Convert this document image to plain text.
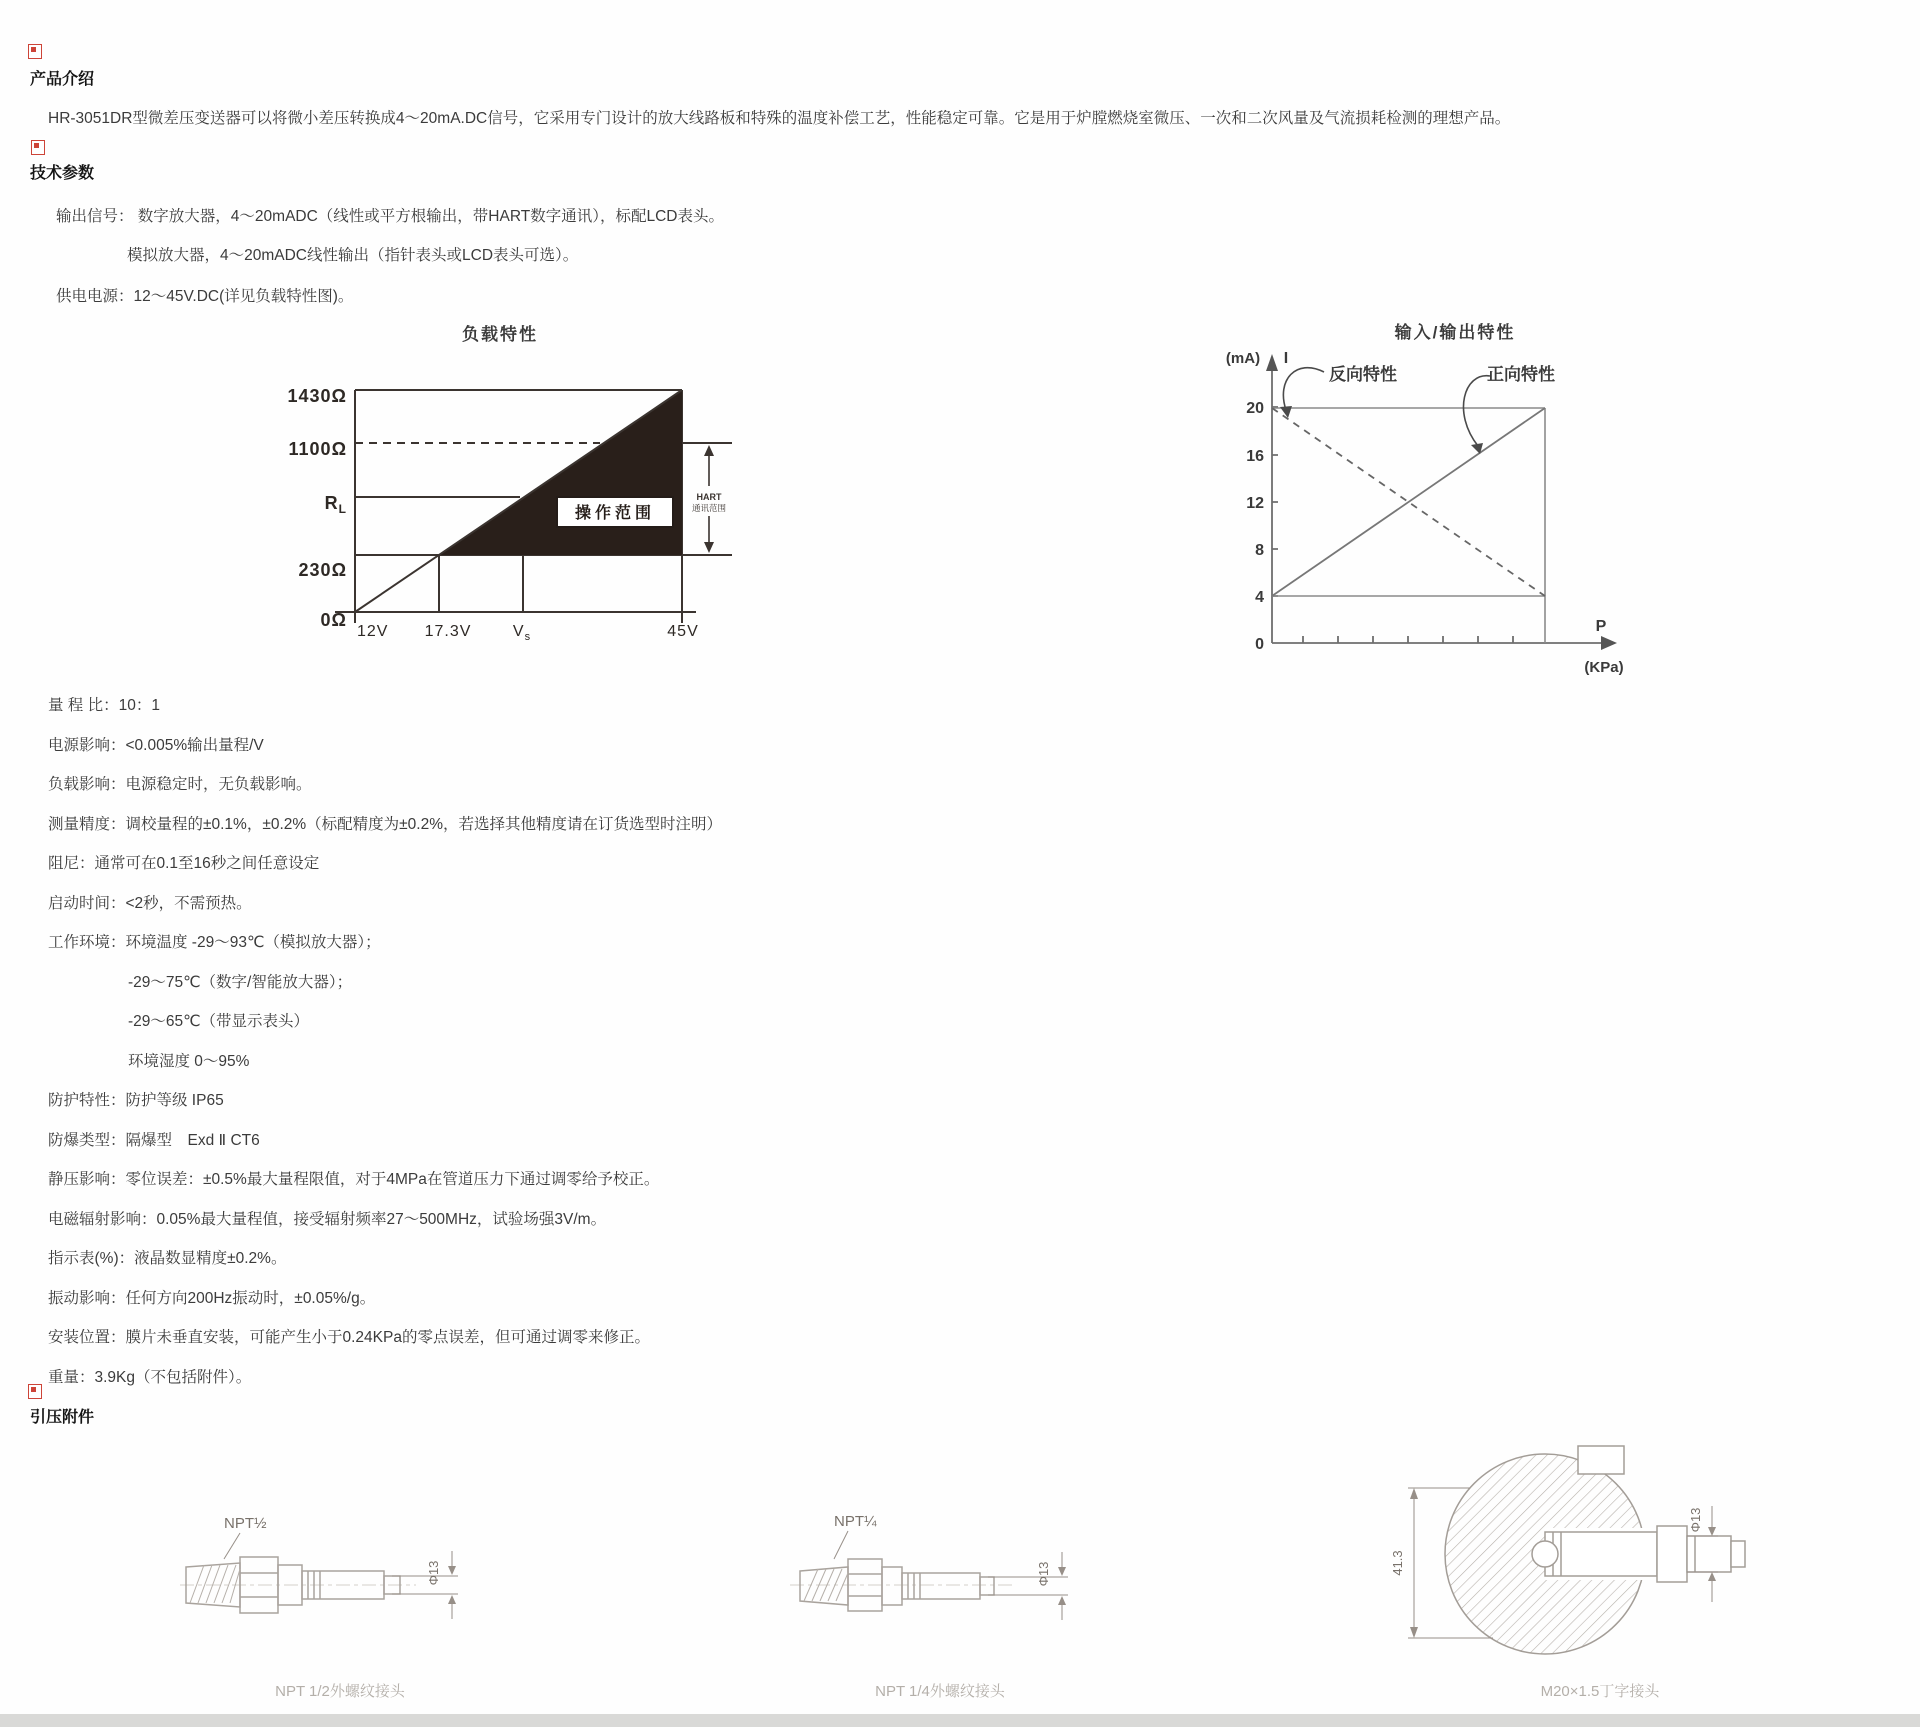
产品介绍
HR-3051DR型微差压变送器可以将微小差压转换成4～20mA.DC信号，它采用专门设计的放大线路板和特殊的温度补偿工艺，性能稳定可靠。它是用于炉膛燃烧室微压、一次和二次风量及气流损耗检测的理想产品。
技术参数
输出信号： 数字放大器，4～20mADC（线性或平方根输出，带HART数字通讯），标配LCD表头。
模拟放大器，4～20mADC线性输出（指针表头或LCD表头可选）。
供电电源：12～45V.DC(详见负载特性图)。
负载特性
操作范围
HART
通讯范围
1430Ω
1100Ω
$R_L$
230Ω
0Ω
12V 17.3V	$V_s$	45V
输入/输出特性
(mA) I
20
16
12
8
4
0
P
(KPa)
反向特性	正向特性
量 程 比：10：1
电源影响：<0.005%输出量程/V
负载影响：电源稳定时，无负载影响。
测量精度：调校量程的±0.1%，±0.2%（标配精度为±0.2%，若选择其他精度请在订货选型时注明）
阻尼：通常可在0.1至16秒之间任意设定
启动时间：<2秒，不需预热。
工作环境：环境温度 -29～93℃（模拟放大器）；
-29～75℃（数字/智能放大器）；
-29～65℃（带显示表头）
环境湿度 0～95%
防护特性：防护等级 IP65
防爆类型：隔爆型　Exd Ⅱ CT6
静压影响：零位误差：±0.5%最大量程限值，对于4MPa在管道压力下通过调零给予校正。
电磁辐射影响：0.05%最大量程值，接受辐射频率27～500MHz，试验场强3V/m。
指示表(%)：液晶数显精度±0.2%。
振动影响：任何方向200Hz振动时，±0.05%/g。
安装位置：膜片未垂直安装，可能产生小于0.24KPa的零点误差，但可通过调零来修正。
重量：3.9Kg（不包括附件）。
引压附件
NPT½
Φ13
NPT 1/2外螺纹接头
NPT¼
Φ13
NPT 1/4外螺纹接头
41.3
Φ13
M20×1.5丁字接头
